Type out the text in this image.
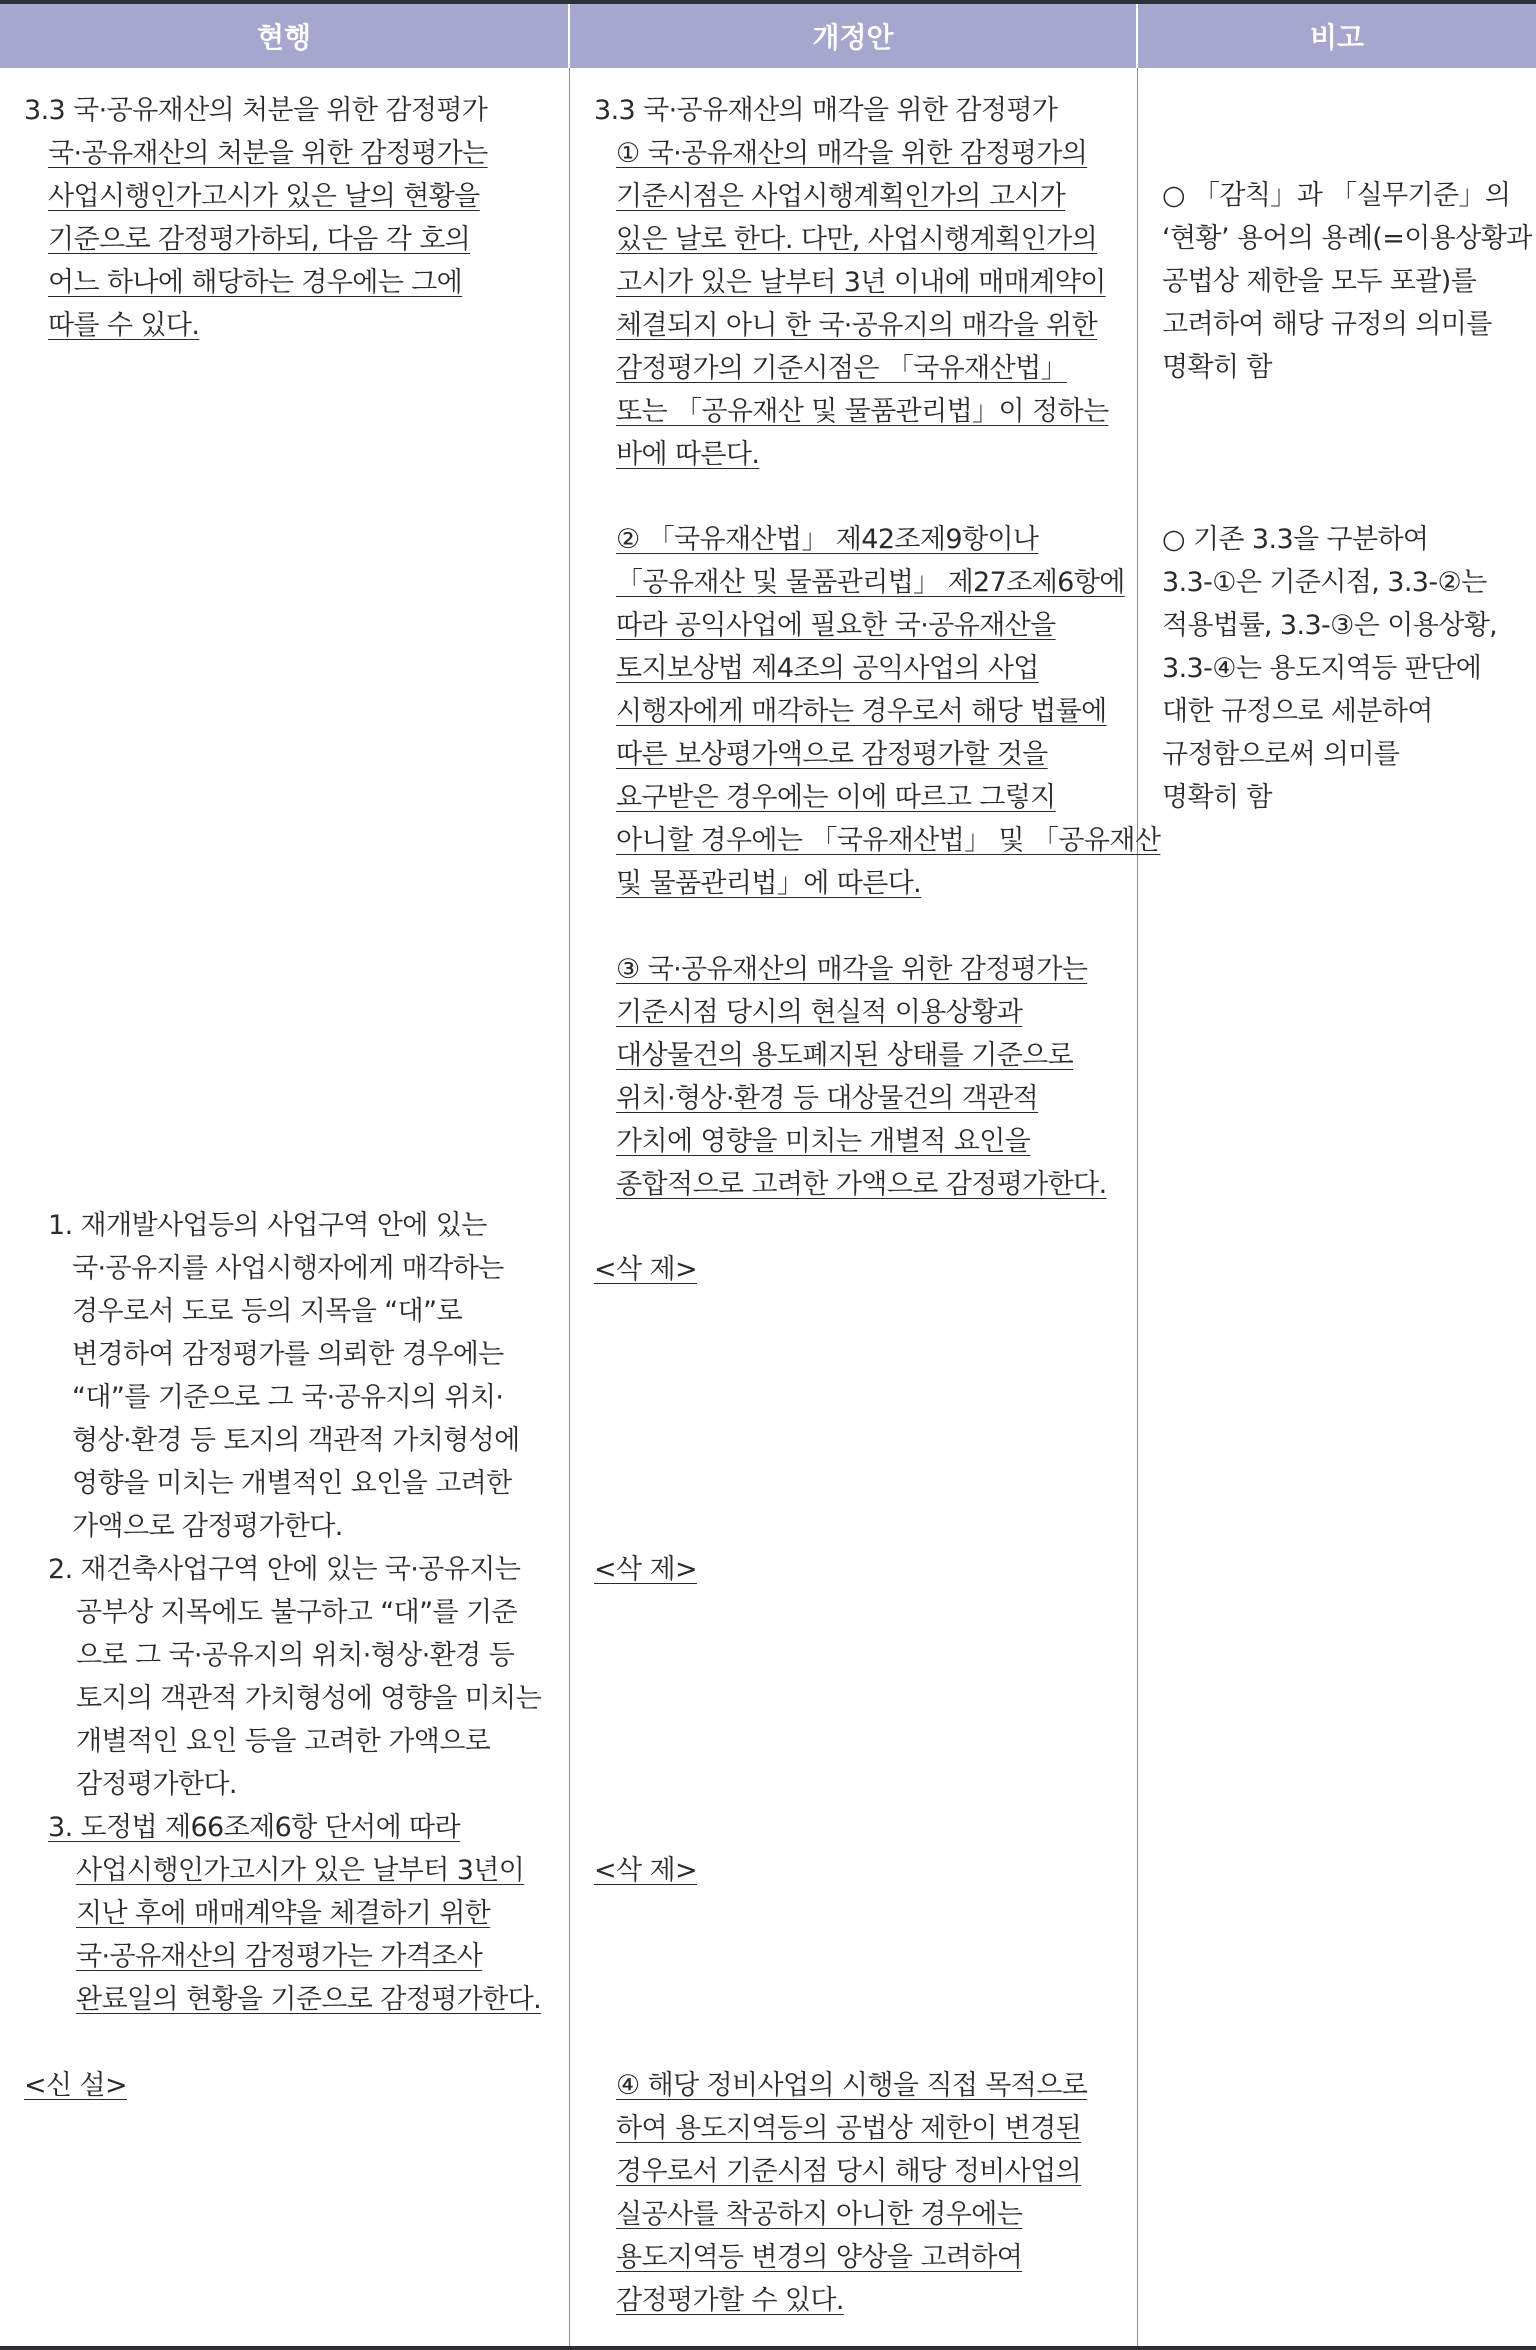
현행	개정안	비고
3.3 국·공유재산의 처분을 위한 감정평가
국·공유재산의 처분을 위한 감정평가는
사업시행인가고시가 있은 날의 현황을
기준으로 감정평가하되, 다음 각 호의
어느 하나에 해당하는 경우에는 그에
따를 수 있다.
1. 재개발사업등의 사업구역 안에 있는
국·공유지를 사업시행자에게 매각하는
경우로서 도로 등의 지목을 “대”로
변경하여 감정평가를 의뢰한 경우에는
“대”를 기준으로 그 국·공유지의 위치·
형상·환경 등 토지의 객관적 가치형성에
영향을 미치는 개별적인 요인을 고려한
가액으로 감정평가한다.
2. 재건축사업구역 안에 있는 국·공유지는
공부상 지목에도 불구하고 “대”를 기준
으로 그 국·공유지의 위치·형상·환경 등
토지의 객관적 가치형성에 영향을 미치는
개별적인 요인 등을 고려한 가액으로
감정평가한다.
3. 도정법 제66조제6항 단서에 따라
사업시행인가고시가 있은 날부터 3년이
지난 후에 매매계약을 체결하기 위한
국·공유재산의 감정평가는 가격조사
완료일의 현황을 기준으로 감정평가한다.
<신 설>
3.3 국·공유재산의 매각을 위한 감정평가
① 국·공유재산의 매각을 위한 감정평가의
기준시점은 사업시행계획인가의 고시가
있은 날로 한다. 다만, 사업시행계획인가의
고시가 있은 날부터 3년 이내에 매매계약이
체결되지 아니 한 국·공유지의 매각을 위한
감정평가의 기준시점은 「국유재산법」
또는 「공유재산 및 물품관리법」이 정하는
바에 따른다.
② 「국유재산법」 제42조제9항이나
「공유재산 및 물품관리법」 제27조제6항에
따라 공익사업에 필요한 국·공유재산을
토지보상법 제4조의 공익사업의 사업
시행자에게 매각하는 경우로서 해당 법률에
따른 보상평가액으로 감정평가할 것을
요구받은 경우에는 이에 따르고 그렇지
아니할 경우에는 「국유재산법」 및 「공유재산
및 물품관리법」에 따른다.
③ 국·공유재산의 매각을 위한 감정평가는
기준시점 당시의 현실적 이용상황과
대상물건의 용도폐지된 상태를 기준으로
위치·형상·환경 등 대상물건의 객관적
가치에 영향을 미치는 개별적 요인을
종합적으로 고려한 가액으로 감정평가한다.
<삭 제>
<삭 제>
<삭 제>
④ 해당 정비사업의 시행을 직접 목적으로
하여 용도지역등의 공법상 제한이 변경된
경우로서 기준시점 당시 해당 정비사업의
실공사를 착공하지 아니한 경우에는
용도지역등 변경의 양상을 고려하여
감정평가할 수 있다.
○ 「감칙」과 「실무기준」의
‘현황’ 용어의 용례(=이용상황과
공법상 제한을 모두 포괄)를
고려하여 해당 규정의 의미를
명확히 함
○ 기존 3.3을 구분하여
3.3-①은 기준시점, 3.3-②는
적용법률, 3.3-③은 이용상황,
3.3-④는 용도지역등 판단에
대한 규정으로 세분하여
규정함으로써 의미를
명확히 함
